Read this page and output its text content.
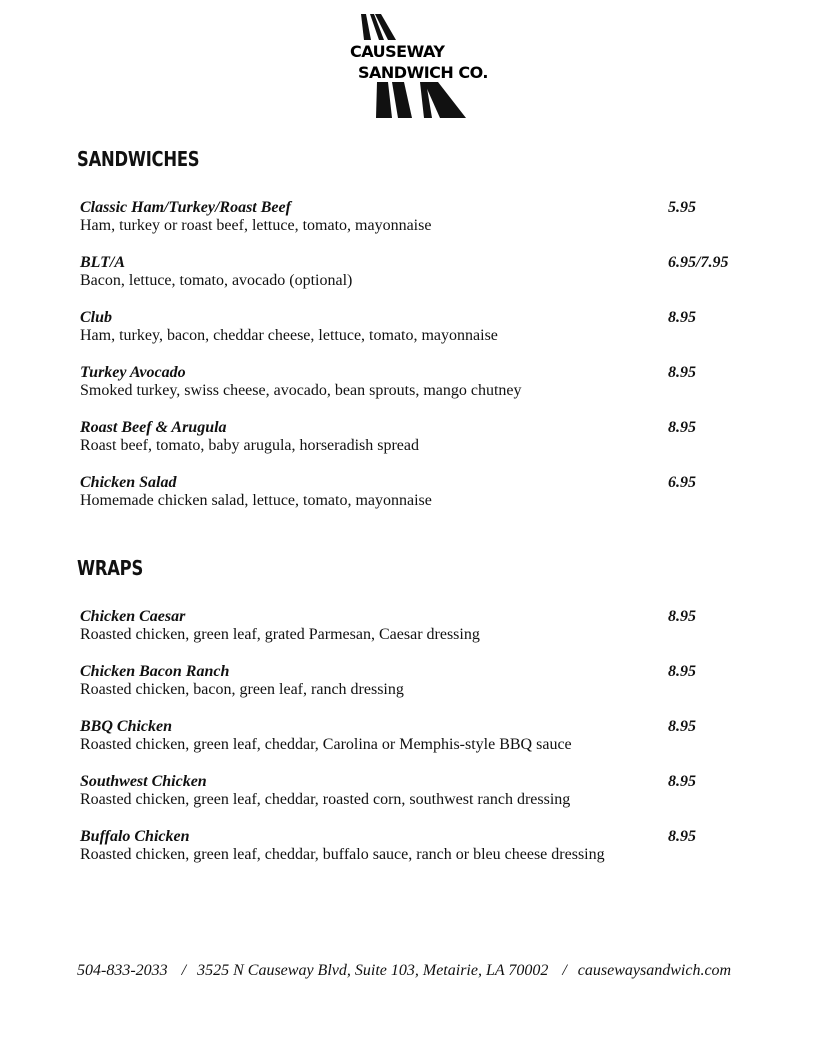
CAUSEWAY
SANDWICH CO.
SANDWICHES
Classic Ham/Turkey/Roast Beef
Ham, turkey or roast beef, lettuce, tomato, mayonnaise
5.95
BLT/A
Bacon, lettuce, tomato, avocado (optional)
6.95/7.95
Club
Ham, turkey, bacon, cheddar cheese, lettuce, tomato, mayonnaise
8.95
Turkey Avocado
Smoked turkey, swiss cheese, avocado, bean sprouts, mango chutney
8.95
Roast Beef & Arugula
Roast beef, tomato, baby arugula, horseradish spread
8.95
Chicken Salad
Homemade chicken salad, lettuce, tomato, mayonnaise
6.95
WRAPS
Chicken Caesar
Roasted chicken, green leaf, grated Parmesan, Caesar dressing
8.95
Chicken Bacon Ranch
Roasted chicken, bacon, green leaf, ranch dressing
8.95
BBQ Chicken
Roasted chicken, green leaf, cheddar, Carolina or Memphis-style BBQ sauce
8.95
Southwest Chicken
Roasted chicken, green leaf, cheddar, roasted corn, southwest ranch dressing
8.95
Buffalo Chicken
Roasted chicken, green leaf, cheddar, buffalo sauce, ranch or bleu cheese dressing
8.95
504-833-2033 / 3525 N Causeway Blvd, Suite 103, Metairie, LA 70002 / causewaysandwich.com
